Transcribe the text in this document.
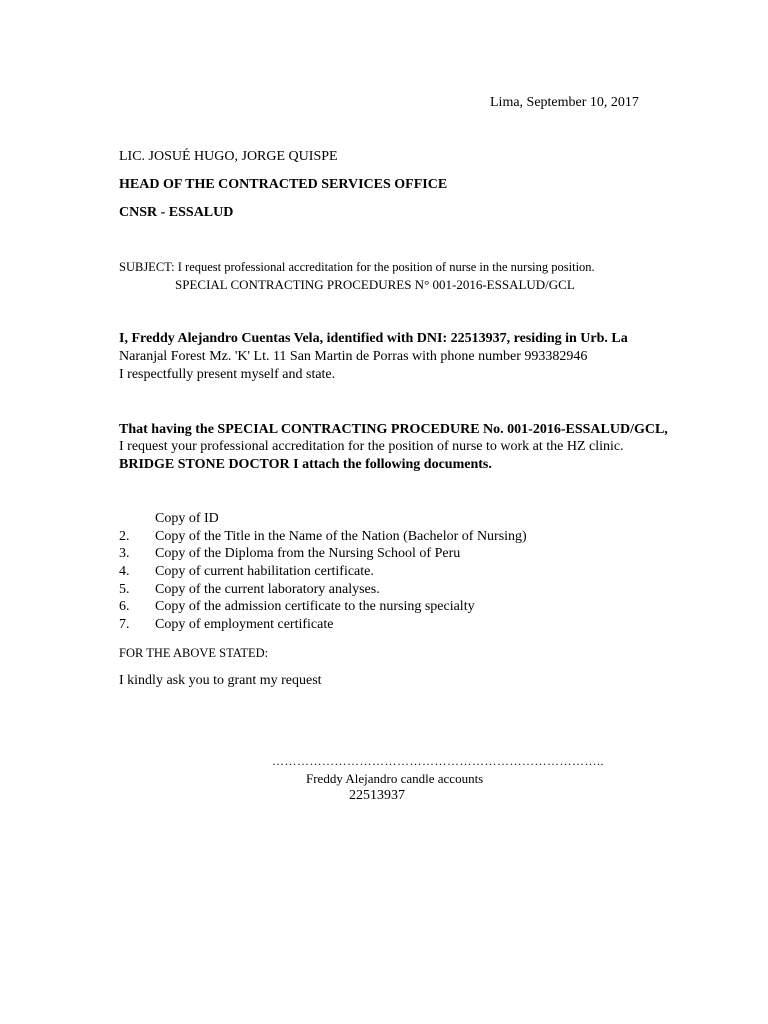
Lima, September 10, 2017
LIC. JOSUÉ HUGO, JORGE QUISPE
HEAD OF THE CONTRACTED SERVICES OFFICE
CNSR - ESSALUD
SUBJECT: I request professional accreditation for the position of nurse in the nursing position.
SPECIAL CONTRACTING PROCEDURES N° 001-2016-ESSALUD/GCL
I, Freddy Alejandro Cuentas Vela, identified with DNI: 22513937, residing in Urb. La
Naranjal Forest Mz. 'K' Lt. 11 San Martin de Porras with phone number 993382946
I respectfully present myself and state.
That having the SPECIAL CONTRACTING PROCEDURE No. 001-2016-ESSALUD/GCL,
I request your professional accreditation for the position of nurse to work at the HZ clinic.
BRIDGE STONE DOCTOR I attach the following documents.
Copy of ID
2. Copy of the Title in the Name of the Nation (Bachelor of Nursing)
3. Copy of the Diploma from the Nursing School of Peru
4. Copy of current habilitation certificate.
5. Copy of the current laboratory analyses.
6. Copy of the admission certificate to the nursing specialty
7. Copy of employment certificate
FOR THE ABOVE STATED:
I kindly ask you to grant my request
……………………………………………………………………..
Freddy Alejandro candle accounts
22513937
